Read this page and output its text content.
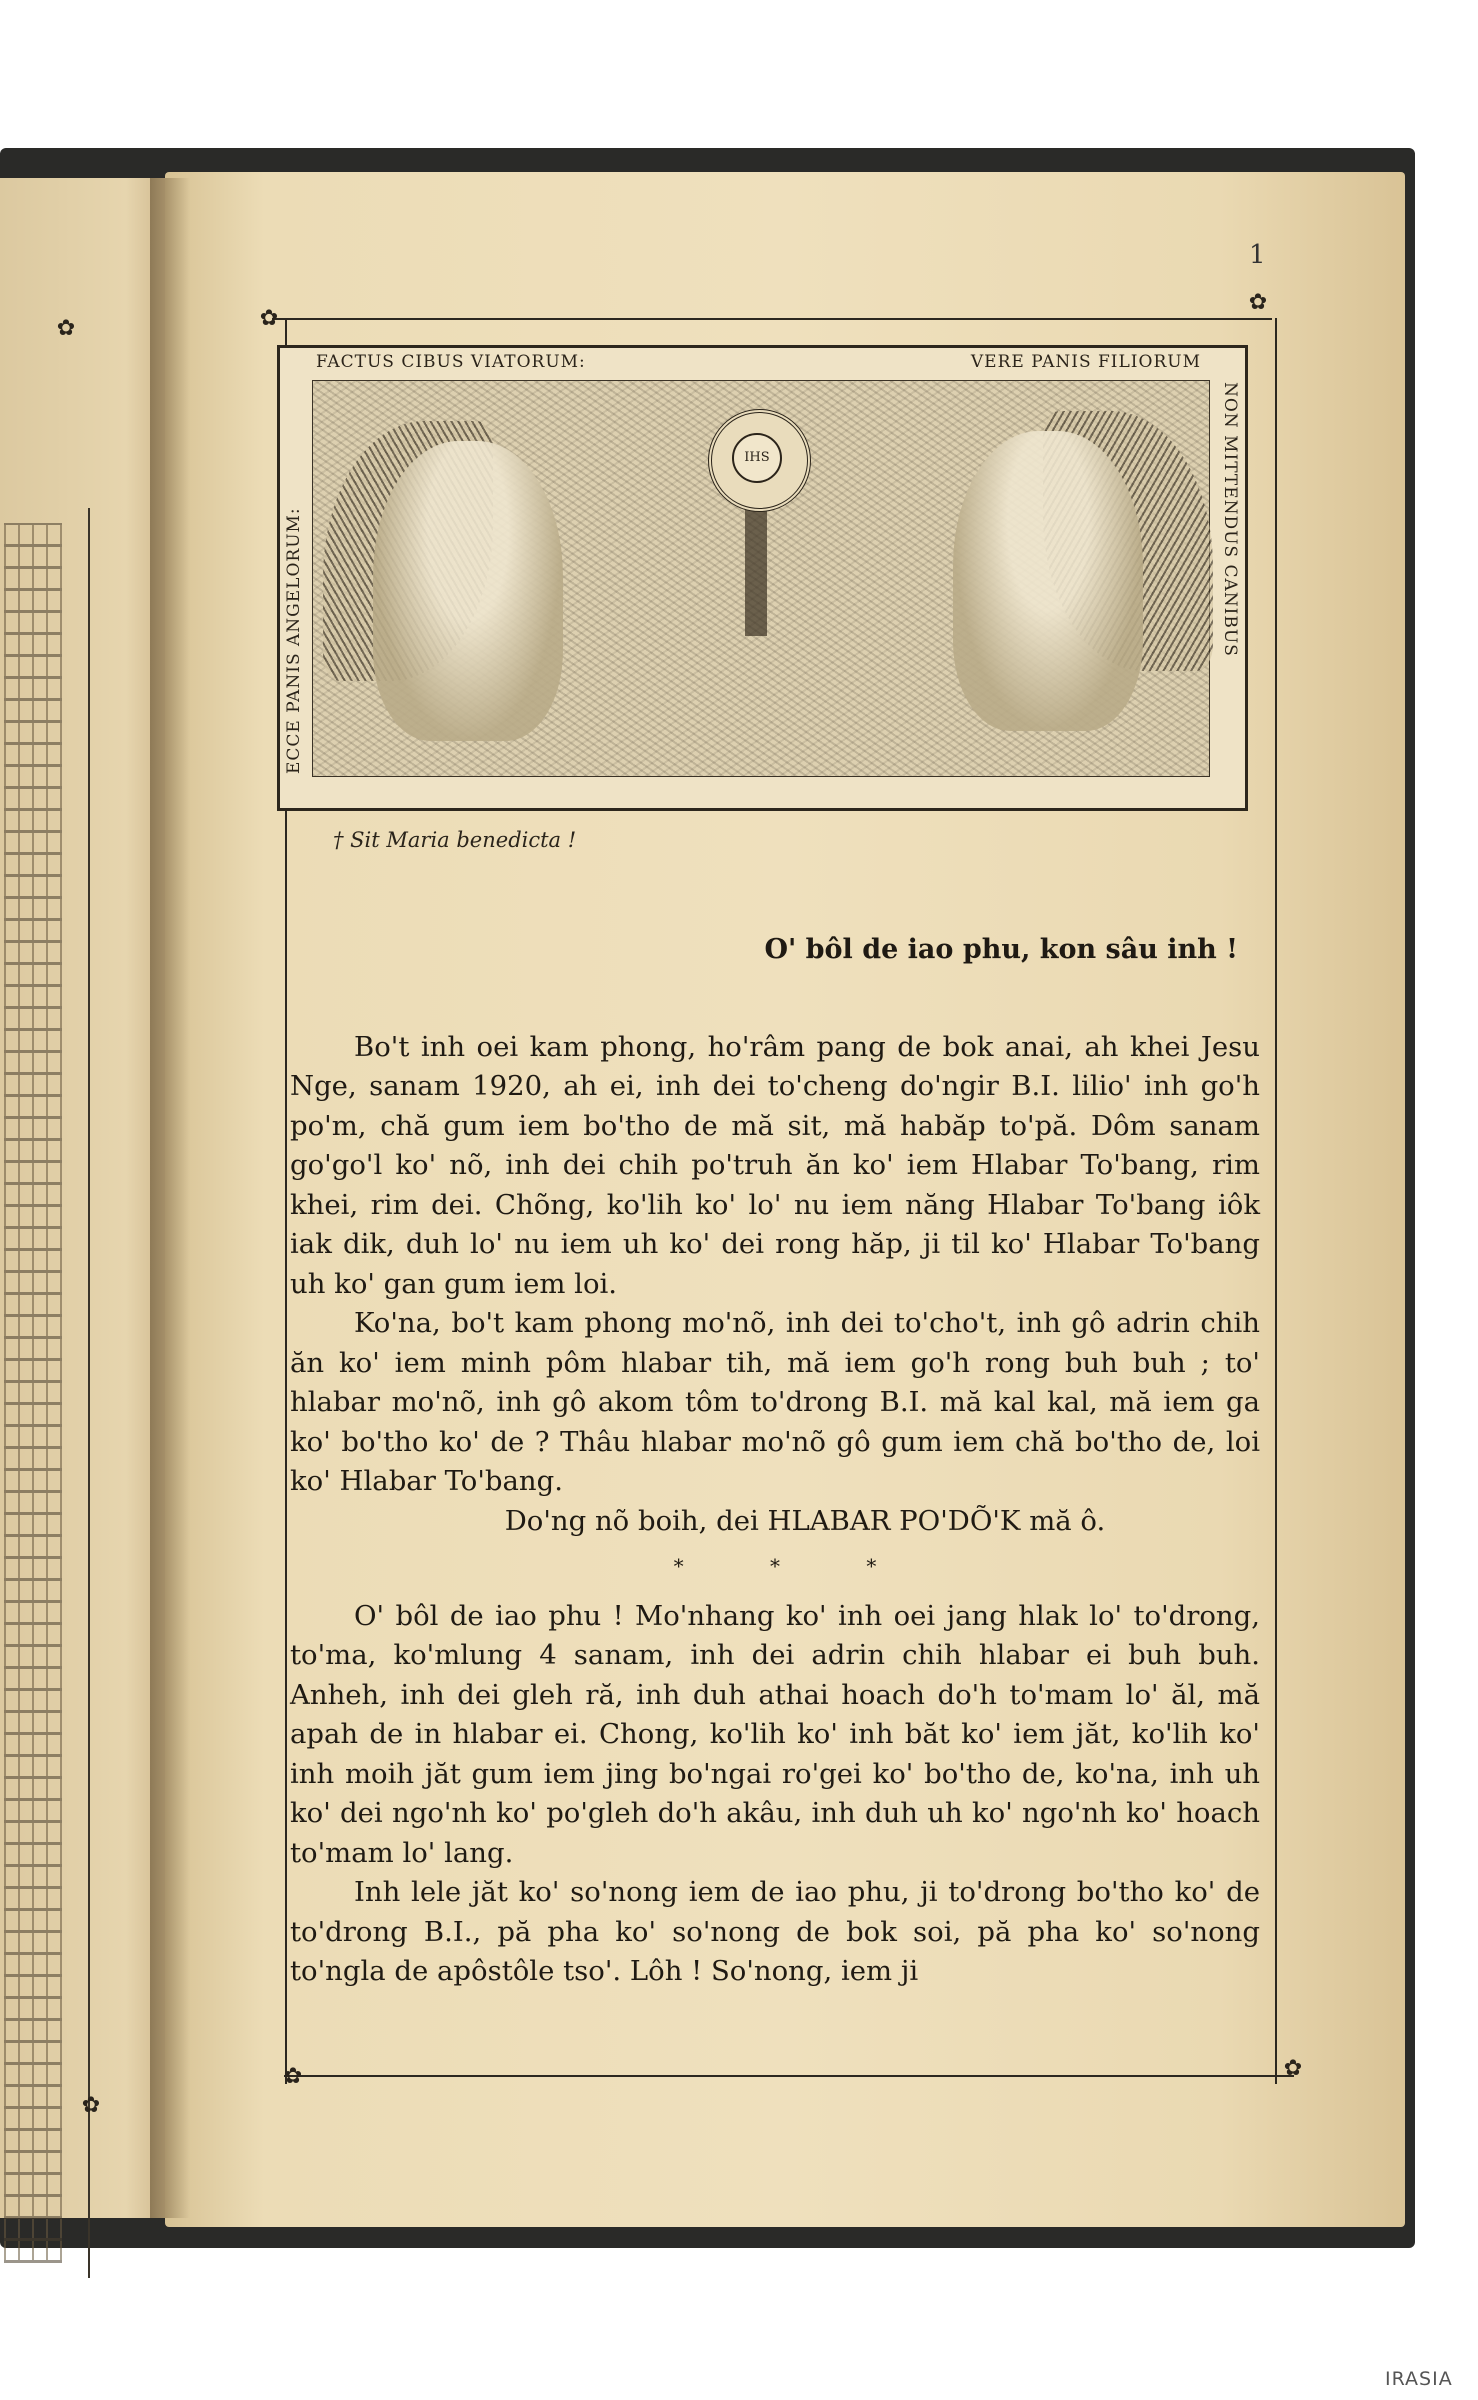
1
✿
✿
✿	✿
✿
✿
IHS
FACTUS CIBUS VIATORUM:	VERE PANIS FILIORUM
ECCE PANIS ANGELORUM:	NON MITTENDUS CANIBUS
† Sit Maria benedicta !

O' bôl de iao phu, kon sâu inh !

Bo't inh oei kam phong, ho'râm pang de bok anai, ah khei Jesu Nge, sanam 1920, ah ei, inh dei to'cheng do'ngir B.I. lilio' inh go'h po'm, chă gum iem bo'tho de mă sit, mă habăp to'pă. Dôm sanam go'go'l ko' nõ, inh dei chih po'truh ăn ko' iem Hlabar To'bang, rim khei, rim dei. Chõng, ko'lih ko' lo' nu iem năng Hlabar To'bang iôk iak dik, duh lo' nu iem uh ko' dei rong hăp, ji til ko' Hlabar To'bang uh ko' gan gum iem loi.

Ko'na, bo't kam phong mo'nõ, inh dei to'cho't, inh gô adrin chih ăn ko' iem minh pôm hlabar tih, mă iem go'h rong buh buh ; to' hlabar mo'nõ, inh gô akom tôm to'drong B.I. mă kal kal, mă iem ga ko' bo'tho ko' de ? Thâu hlabar mo'nõ gô gum iem chă bo'tho de, loi ko' Hlabar To'bang.

Do'ng nõ boih, dei HLABAR PO'DÕ'K mă ô.

* * *

O' bôl de iao phu ! Mo'nhang ko' inh oei jang hlak lo' to'drong, to'ma, ko'mlung 4 sanam, inh dei adrin chih hlabar ei buh buh. Anheh, inh dei gleh ră, inh duh athai hoach do'h to'mam lo' ăl, mă apah de in hlabar ei. Chong, ko'lih ko' inh băt ko' iem jăt, ko'lih ko' inh moih jăt gum iem jing bo'ngai ro'gei ko' bo'tho de, ko'na, inh uh ko' dei ngo'nh ko' po'gleh do'h akâu, inh duh uh ko' ngo'nh ko' hoach to'mam lo' lang.

Inh lele jăt ko' so'nong iem de iao phu, ji to'drong bo'tho ko' de to'drong B.I., pă pha ko' so'nong de bok soi, pă pha ko' so'nong to'ngla de apôstôle tso'. Lôh ! So'nong, iem ji

IRASIA
